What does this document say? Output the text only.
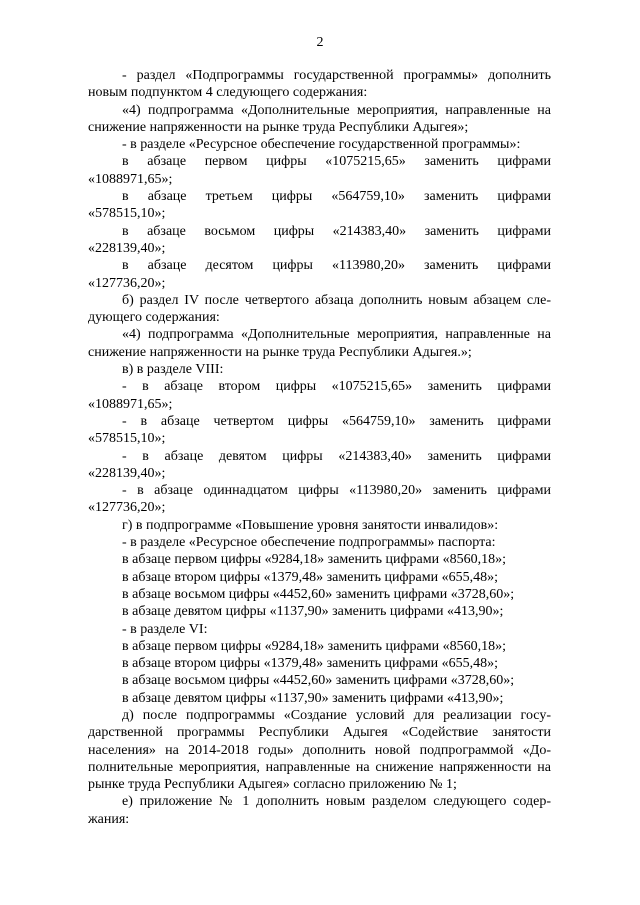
2

- раздел «Подпрограммы государственной программы» дополнить новым подпунктом 4 следующего содержания:

«4) подпрограмма «Дополнительные мероприятия, направленные на снижение напряженности на рынке труда Республики Адыгея»;

- в разделе «Ресурсное обеспечение государственной программы»:

в абзаце первом цифры «1075215,65» заменить цифрами
«1088971,65»;

в абзаце третьем цифры «564759,10» заменить цифрами
«578515,10»;

в абзаце восьмом цифры «214383,40» заменить цифрами
«228139,40»;

в абзаце десятом цифры «113980,20» заменить цифрами
«127736,20»;

б) раздел IV после четвертого абзаца дополнить новым абзацем сле-дующего содержания:

«4) подпрограмма «Дополнительные мероприятия, направленные на снижение напряженности на рынке труда Республики Адыгея.»;

в) в разделе VIII:

- в абзаце втором цифры «1075215,65» заменить цифрами
«1088971,65»;

- в абзаце четвертом цифры «564759,10» заменить цифрами
«578515,10»;

- в абзаце девятом цифры «214383,40» заменить цифрами
«228139,40»;

- в абзаце одиннадцатом цифры «113980,20» заменить цифрами
«127736,20»;

г) в подпрограмме «Повышение уровня занятости инвалидов»:

- в разделе «Ресурсное обеспечение подпрограммы» паспорта:

в абзаце первом цифры «9284,18» заменить цифрами «8560,18»;

в абзаце втором цифры «1379,48» заменить цифрами «655,48»;

в абзаце восьмом цифры «4452,60» заменить цифрами «3728,60»;

в абзаце девятом цифры «1137,90» заменить цифрами «413,90»;

- в разделе VI:

в абзаце первом цифры «9284,18» заменить цифрами «8560,18»;

в абзаце втором цифры «1379,48» заменить цифрами «655,48»;

в абзаце восьмом цифры «4452,60» заменить цифрами «3728,60»;

в абзаце девятом цифры «1137,90» заменить цифрами «413,90»;

д) после подпрограммы «Создание условий для реализации госу-дарственной программы Республики Адыгея «Содействие занятости населения» на 2014-2018 годы» дополнить новой подпрограммой «До-полнительные мероприятия, направленные на снижение напряженности на рынке труда Республики Адыгея» согласно приложению № 1;

е) приложение № 1 дополнить новым разделом следующего содер-жания:
